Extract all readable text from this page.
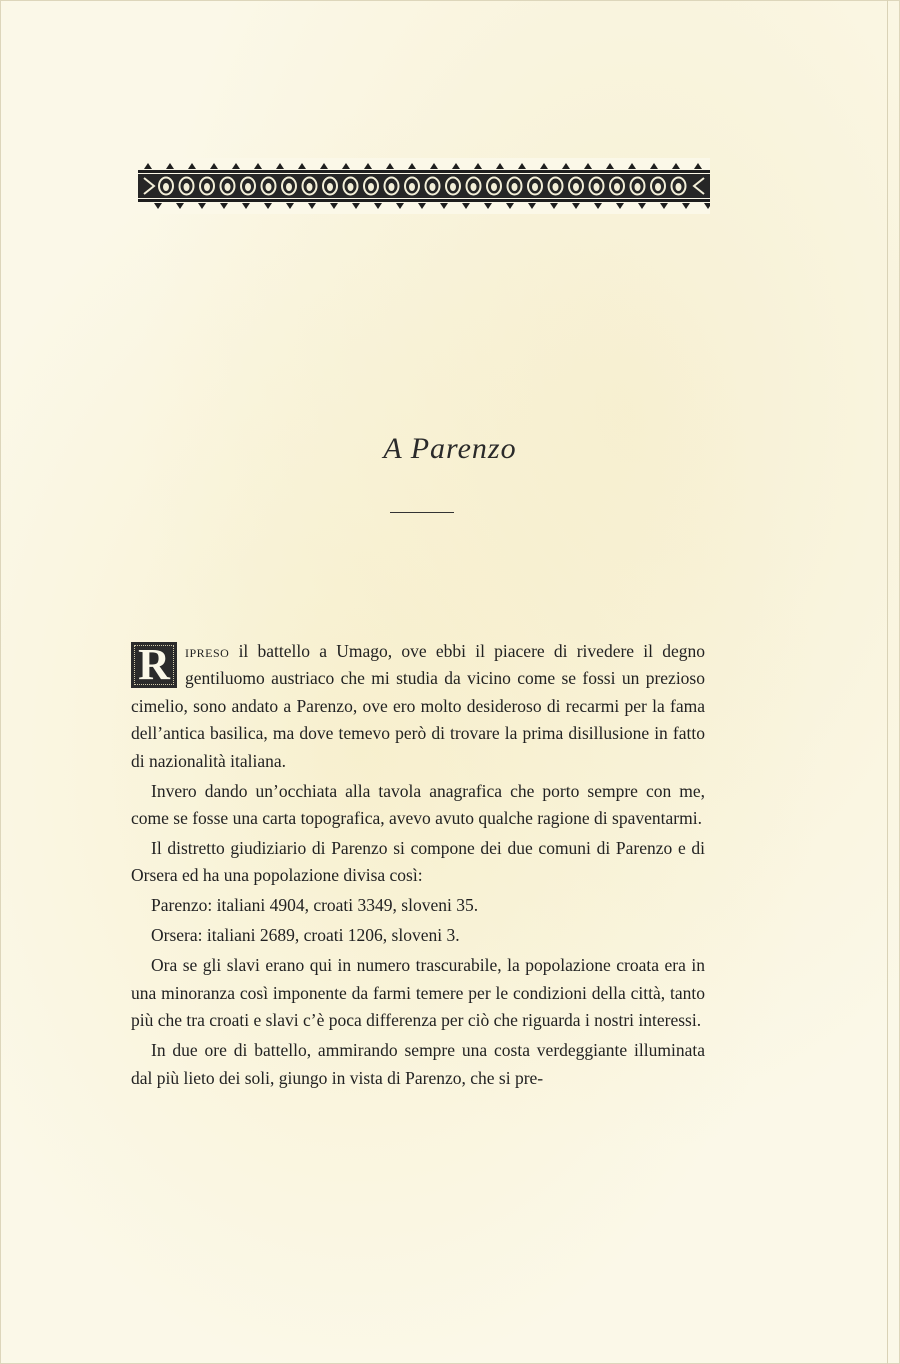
A Parenzo

R ipreso il battello a Umago, ove ebbi il piacere di rivedere il degno gentiluomo austriaco che mi studia da vicino come se fossi un prezioso cimelio, sono andato a Parenzo, ove ero molto desideroso di recarmi per la fama dell’antica basilica, ma dove temevo però di trovare la prima disillusione in fatto di nazionalità italiana.

Invero dando un’occhiata alla tavola anagrafica che porto sempre con me, come se fosse una carta topografica, avevo avuto qualche ragione di spaventarmi.

Il distretto giudiziario di Parenzo si compone dei due comuni di Parenzo e di Orsera ed ha una popolazione divisa così:

Parenzo: italiani 4904, croati 3349, sloveni 35.

Orsera: italiani 2689, croati 1206, sloveni 3.

Ora se gli slavi erano qui in numero trascurabile, la popolazione croata era in una minoranza così imponente da farmi temere per le condizioni della città, tanto più che tra croati e slavi c’è poca differenza per ciò che riguarda i nostri interessi.

In due ore di battello, ammirando sempre una costa verdeggiante illuminata dal più lieto dei soli, giungo in vista di Parenzo, che si pre-
